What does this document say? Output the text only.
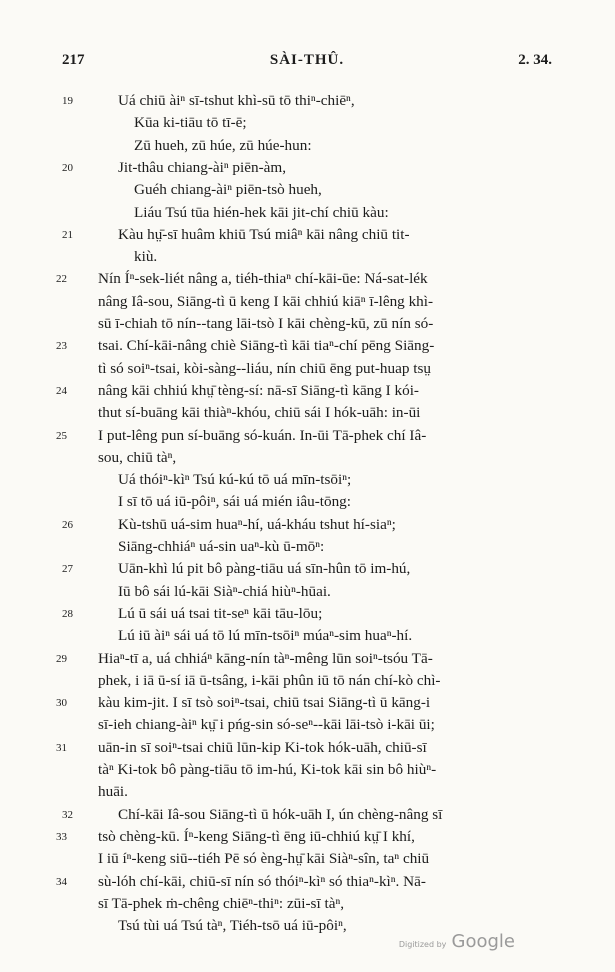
217	SÀI-THÛ.	2. 34.
19	Uá chiū àiⁿ sī-tshut khì-sū tō thiⁿ-chiēⁿ,
Kūa ki-tiāu tō tī-ē;
Zū hueh, zū húe, zū húe-hun:
20	Jit-thâu chiang-àiⁿ piēn-àm,
Guéh chiang-àiⁿ piēn-tsò hueh,
Liáu Tsú tūa hién-hek kāi jit-chí chiū kàu:
21	Kàu hṳ̄-sī huâm khiū Tsú miâⁿ kāi nâng chiū tit-
kiù.
22	Nín Íⁿ-sek-liét nâng a, tiéh-thiaⁿ chí-kāi-ūe: Ná-sat-lék
nâng Iâ-sou, Siāng-tì ū keng I kāi chhiú kiāⁿ ī-lêng khì-
sū ī-chiah tō nín--tang lāi-tsò I kāi chèng-kū, zū nín só-
23	tsai. Chí-kāi-nâng chiè Siāng-tì kāi tiaⁿ-chí pēng Siāng-
tì só soiⁿ-tsai, kòi-sàng--liáu, nín chiū ēng put-huap tsṳ
24	nâng kāi chhiú khṳ̄ tèng-sí: nā-sī Siāng-tì kāng I kói-
thut sí-buāng kāi thiàⁿ-khóu, chiū sái I hók-uāh: in-ūi
25	I put-lêng pun sí-buāng só-kuán. In-ūi Tā-phek chí Iâ-
sou, chiū tàⁿ,
Uá thóiⁿ-kìⁿ Tsú kú-kú tō uá mīn-tsōiⁿ;
I sī tō uá iū-pôiⁿ, sái uá mién iâu-tōng:
26	Kù-tshū uá-sim huaⁿ-hí, uá-kháu tshut hí-siaⁿ;
Siāng-chhiáⁿ uá-sin uaⁿ-kù ū-mōⁿ:
27	Uān-khì lú pit bô pàng-tiāu uá sīn-hûn tō im-hú,
Iū bô sái lú-kāi Siàⁿ-chiá hiùⁿ-hūai.
28	Lú ū sái uá tsai tit-seⁿ kāi tāu-lōu;
Lú iū àiⁿ sái uá tō lú mīn-tsōiⁿ múaⁿ-sim huaⁿ-hí.
29	Hiaⁿ-tī a, uá chhiáⁿ kāng-nín tàⁿ-mêng lūn soiⁿ-tsóu Tā-
phek, i iā ū-sí iā ū-tsâng, i-kāi phûn iū tō nán chí-kò chì-
30	kàu kim-jit. I sī tsò soiⁿ-tsai, chiū tsai Siāng-tì ū kāng-i
sī-ieh chiang-àiⁿ kṳ̄ i pńg-sin só-seⁿ--kāi lāi-tsò i-kāi ūi;
31	uān-in sī soiⁿ-tsai chiū lūn-kip Ki-tok hók-uāh, chiū-sī
tàⁿ Ki-tok bô pàng-tiāu tō im-hú, Ki-tok kāi sin bô hiùⁿ-
huāi.
32	Chí-kāi Iâ-sou Siāng-tì ū hók-uāh I, ún chèng-nâng sī
33	tsò chèng-kū. Íⁿ-keng Siāng-tì ēng iū-chhiú kṳ̄ I khí,
I iū íⁿ-keng siū--tiéh Pē só èng-hṳ̄ kāi Siàⁿ-sîn, taⁿ chiū
34	sù-lóh chí-kāi, chiū-sī nín só thóiⁿ-kìⁿ só thiaⁿ-kìⁿ. Nā-
sī Tā-phek ṁ-chêng chiēⁿ-thiⁿ: zūi-sī tàⁿ,
Tsú tùi uá Tsú tàⁿ, Tiéh-tsō uá iū-pôiⁿ,
Digitized by Google
